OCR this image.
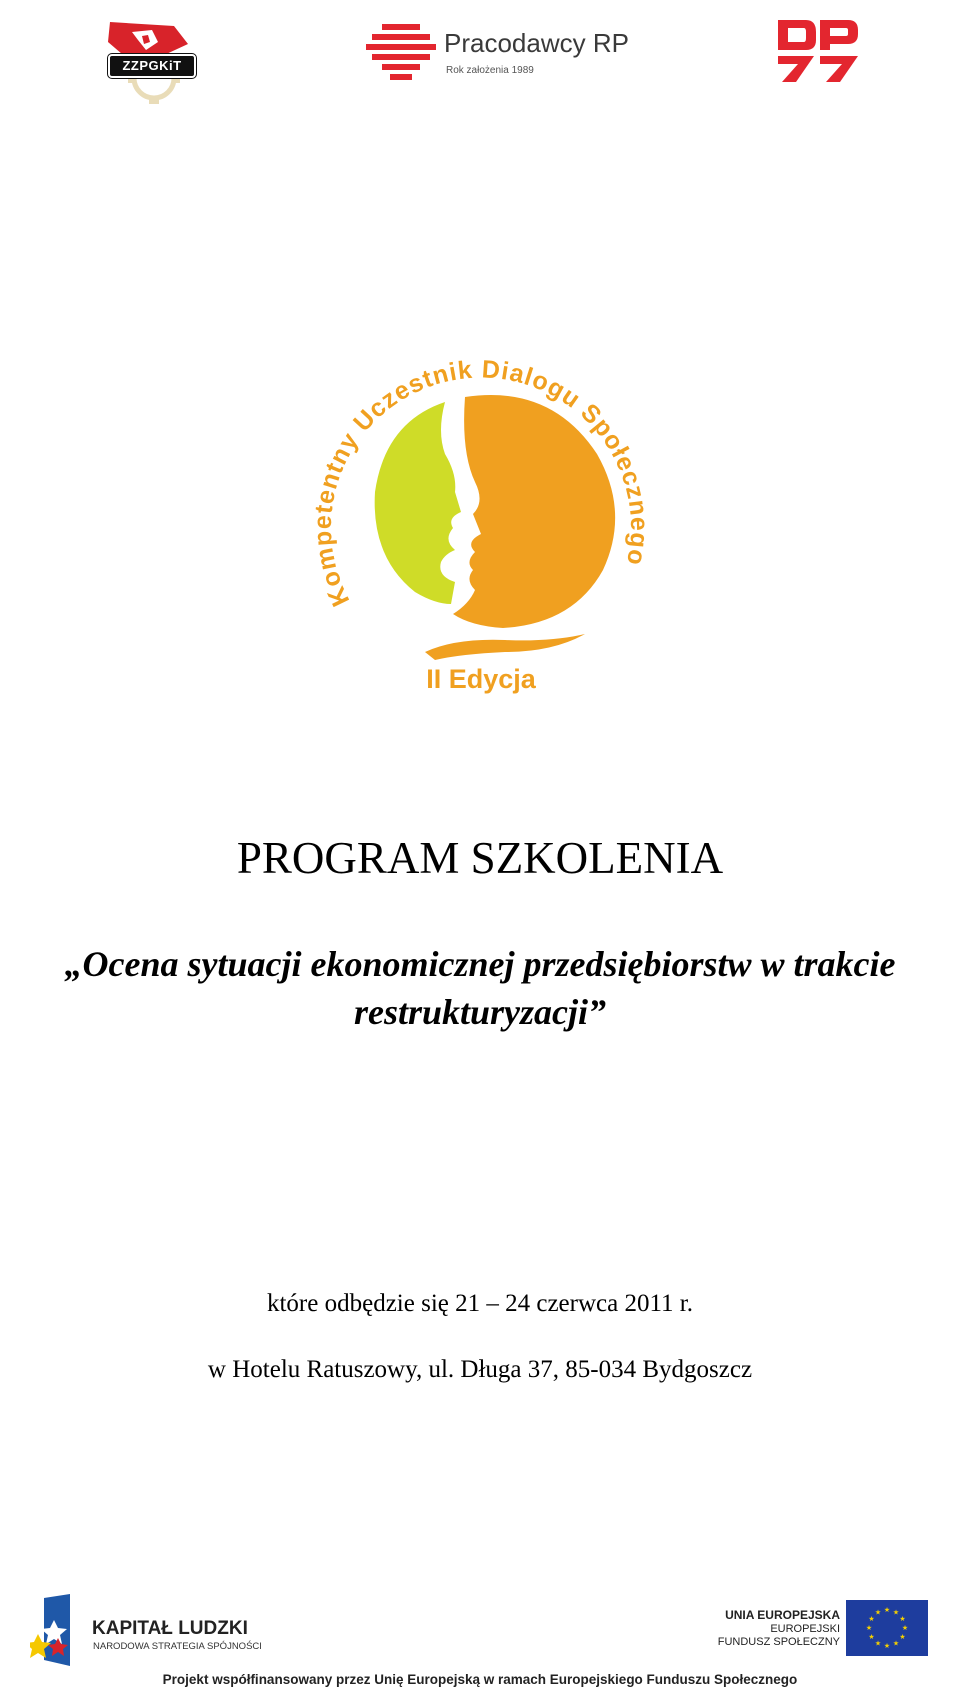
ZZPGKiT
Pracodawcy RP
Rok założenia 1989
Kompetentny Uczestnik Dialogu Społecznego
II Edycja
PROGRAM SZKOLENIA
„Ocena sytuacji ekonomicznej przedsiębiorstw w trakcie
restrukturyzacji”
które odbędzie się 21 – 24 czerwca 2011 r.
w Hotelu Ratuszowy, ul. Długa 37, 85-034 Bydgoszcz
KAPITAŁ LUDZKI
NARODOWA STRATEGIA SPÓJNOŚCI
UNIA EUROPEJSKA
EUROPEJSKI
FUNDUSZ SPOŁECZNY
★ ★
★
★
★
★
★
★
★
★
★
★
Projekt współfinansowany przez Unię Europejską w ramach Europejskiego Funduszu Społecznego
